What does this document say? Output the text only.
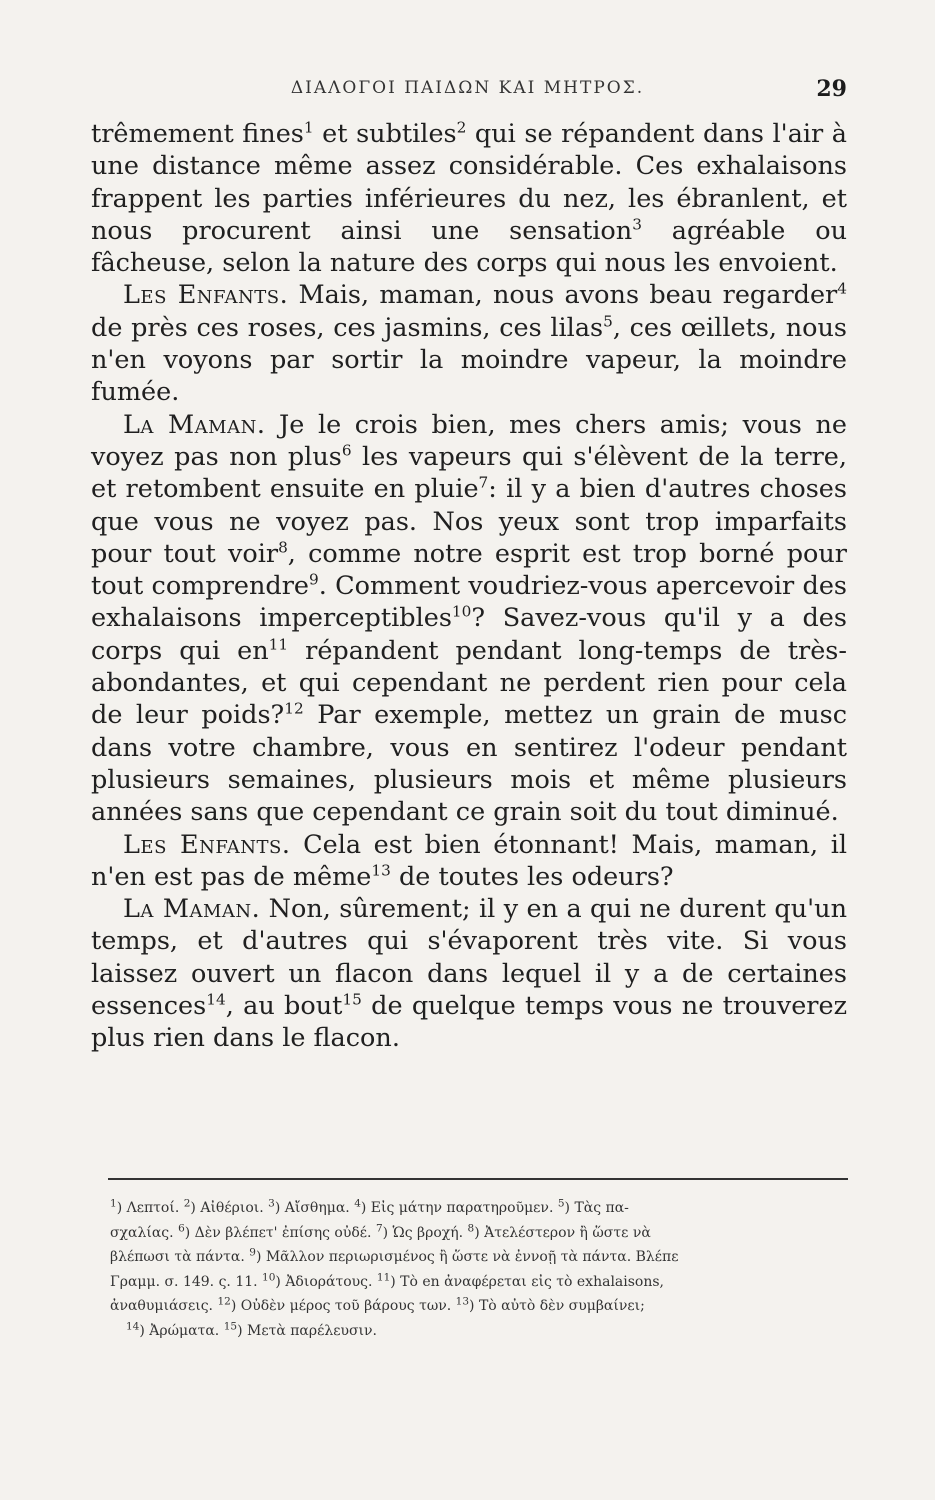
ΔΙΑΛΟΓΟΙ ΠΑΙΔΩΝ ΚΑΙ ΜΗΤΡΟΣ.	29

trêmement fines$^1$ et subtiles$^2$ qui se répandent dans l'air à une distance même assez considérable. Ces exhalaisons frappent les parties inférieures du nez, les ébranlent, et nous procurent ainsi une sensation$^3$ agréable ou fâcheuse, selon la nature des corps qui nous les envoient.

Les Enfants. Mais, maman, nous avons beau regarder$^4$ de près ces roses, ces jasmins, ces lilas$^5$, ces œillets, nous n'en voyons par sortir la moindre vapeur, la moindre fumée.

La Maman. Je le crois bien, mes chers amis; vous ne voyez pas non plus$^6$ les vapeurs qui s'élèvent de la terre, et retombent ensuite en pluie$^7$: il y a bien d'autres choses que vous ne voyez pas. Nos yeux sont trop imparfaits pour tout voir$^8$, comme notre esprit est trop borné pour tout comprendre$^9$. Comment voudriez-vous apercevoir des exhalaisons imperceptibles$^{10}$? Savez-vous qu'il y a des corps qui en$^{11}$ répandent pendant long-temps de très-abondantes, et qui cependant ne perdent rien pour cela de leur poids?$^{12}$ Par exemple, mettez un grain de musc dans votre chambre, vous en sentirez l'odeur pendant plusieurs semaines, plusieurs mois et même plusieurs années sans que cependant ce grain soit du tout diminué.

Les Enfants. Cela est bien étonnant! Mais, maman, il n'en est pas de même$^{13}$ de toutes les odeurs?

La Maman. Non, sûrement; il y en a qui ne durent qu'un temps, et d'autres qui s'évaporent très vite. Si vous laissez ouvert un flacon dans lequel il y a de certaines essences$^{14}$, au bout$^{15}$ de quelque temps vous ne trouverez plus rien dans le flacon.

$^1$) Λεπτοί. $^2$) Αἰθέριοι. $^3$) Αἴσθημα. $^4$) Εἰς μάτην παρατηροῦμεν. $^5$) Τὰς πα-
σχαλίας. $^6$) Δὲν βλέπετ' ἐπίσης οὐδέ. $^7$) Ὡς βροχή. $^8$) Ἀτελέστερον ἢ ὥστε νὰ
βλέπωσι τὰ πάντα. $^9$) Μᾶλλον περιωρισμένος ἢ ὥστε νὰ ἐννοῇ τὰ πάντα. Βλέπε
Γραμμ. σ. 149. ς. 11. $^{10}$) Ἀδιοράτους. $^{11}$) Τὸ en ἀναφέρεται εἰς τὸ exhalaisons,
ἀναθυμιάσεις. $^{12}$) Οὐδὲν μέρος τοῦ βάρους των. $^{13}$) Τὸ αὐτὸ δὲν συμβαίνει;
$^{14}$) Ἀρώματα. $^{15}$) Μετὰ παρέλευσιν.
